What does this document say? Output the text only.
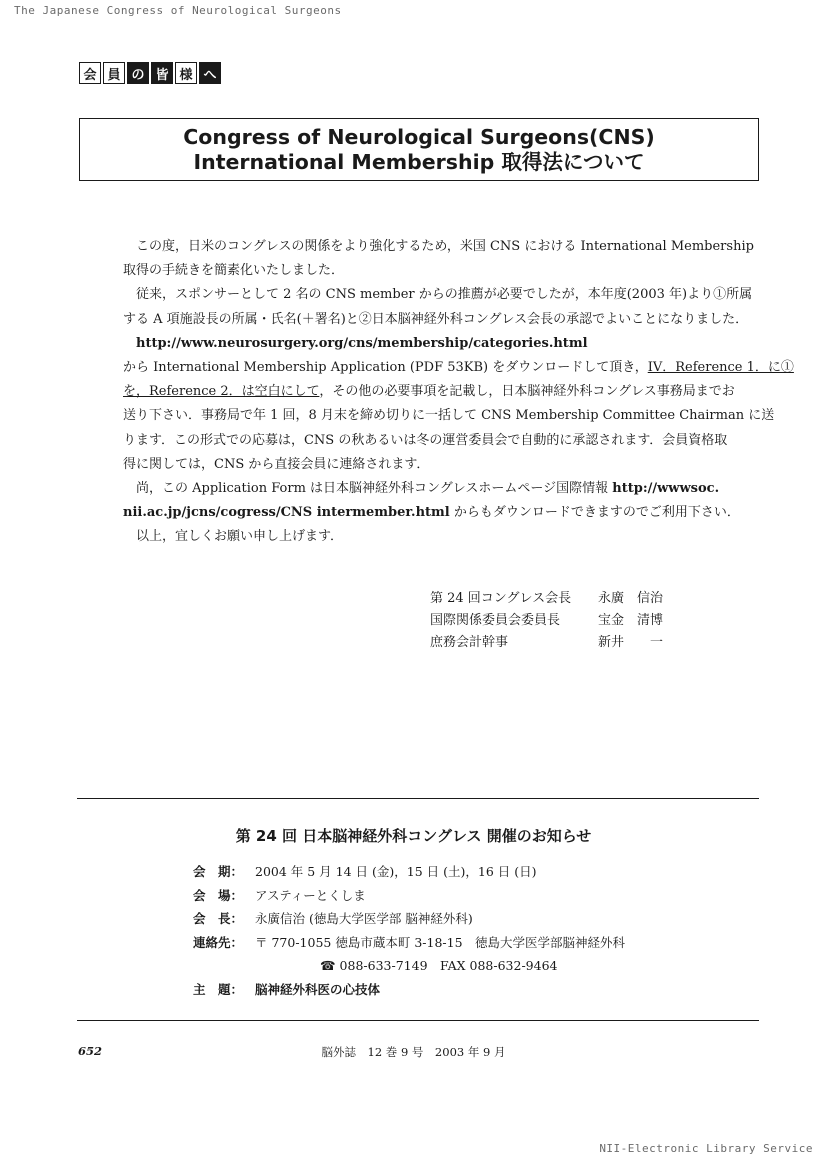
The Japanese Congress of Neurological Surgeons
NII-Electronic Library Service
会 員 の 皆 様 へ
Congress of Neurological Surgeons(CNS)
International Membership 取得法について
この度，日米のコングレスの関係をより強化するため，米国 CNS における International Membership
取得の手続きを簡素化いたしました．
従来，スポンサーとして 2 名の CNS member からの推薦が必要でしたが，本年度(2003 年)より①所属
する A 項施設長の所属・氏名(＋署名)と②日本脳神経外科コングレス会長の承認でよいことになりました．
http://www.neurosurgery.org/cns/membership/categories.html
から International Membership Application (PDF 53KB) をダウンロードして頂き，IV．Reference 1．に①
を，Reference 2．は空白にして，その他の必要事項を記載し，日本脳神経外科コングレス事務局までお
送り下さい．事務局で年 1 回，8 月末を締め切りに一括して CNS Membership Committee Chairman に送
ります．この形式での応募は，CNS の秋あるいは冬の運営委員会で自動的に承認されます．会員資格取
得に関しては，CNS から直接会員に連絡されます．
尚，この Application Form は日本脳神経外科コングレスホームページ国際情報 http://wwwsoc.
nii.ac.jp/jcns/cogress/CNS intermember.html からもダウンロードできますのでご利用下さい．
以上，宜しくお願い申し上げます．
第 24 回コングレス会長	永廣　信治
国際関係委員会委員長	宝金　清博
庶務会計幹事	新井　　一
第 24 回 日本脳神経外科コングレス 開催のお知らせ
会　期： 2004 年 5 月 14 日 (金)，15 日 (土)，16 日 (日)
会　場： アスティーとくしま
会　長： 永廣信治 (徳島大学医学部 脳神経外科)
連絡先： 〒 770-1055 徳島市蔵本町 3-18-15　徳島大学医学部脳神経外科
☎ 088-633-7149　FAX 088-632-9464
主　題： 脳神経外科医の心技体
652	脳外誌　12 巻 9 号　2003 年 9 月
